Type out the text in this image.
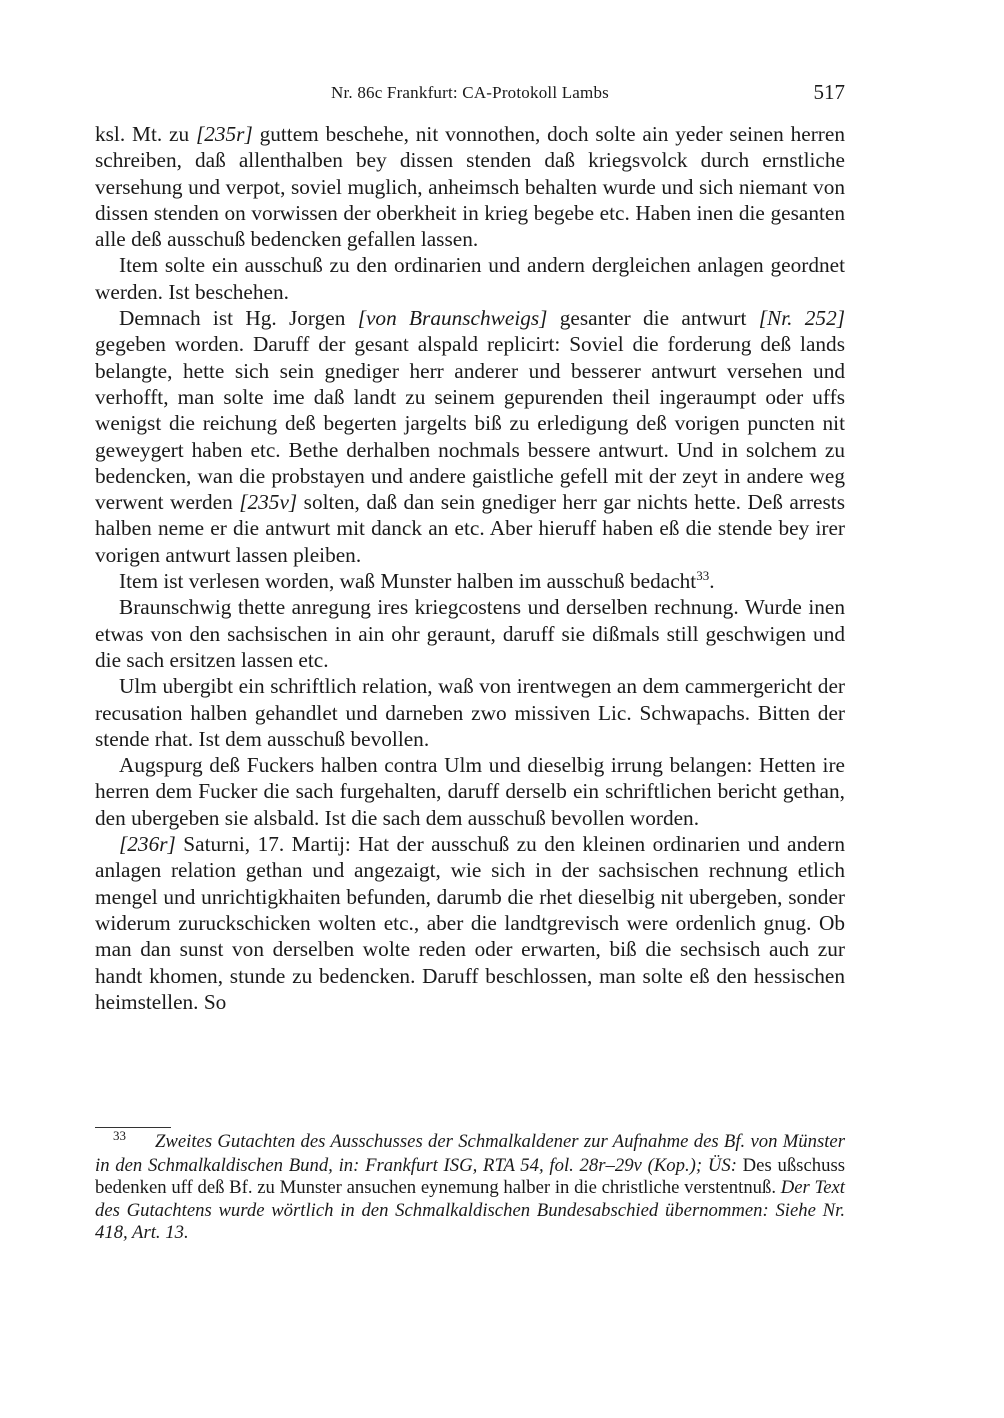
Nr. 86c Frankfurt: CA-Protokoll Lambs	517

ksl. Mt. zu [235r] guttem beschehe, nit vonnothen, doch solte ain yeder seinen herren schreiben, daß allenthalben bey dissen stenden daß kriegsvolck durch ernstliche versehung und verpot, soviel muglich, anheimsch behalten wurde und sich niemant von dissen stenden on vorwissen der oberkheit in krieg begebe etc. Haben inen die gesanten alle deß ausschuß bedencken gefallen lassen.

Item solte ein ausschuß zu den ordinarien und andern dergleichen anlagen geordnet werden. Ist beschehen.

Demnach ist Hg. Jorgen [von Braunschweigs] gesanter die antwurt [Nr. 252] gegeben worden. Daruff der gesant alspald replicirt: Soviel die forderung deß lands belangte, hette sich sein gnediger herr anderer und besserer antwurt versehen und verhofft, man solte ime daß landt zu seinem gepurenden theil ingeraumpt oder uffs wenigst die reichung deß begerten jargelts biß zu erledigung deß vorigen puncten nit geweygert haben etc. Bethe derhalben nochmals bessere antwurt. Und in solchem zu bedencken, wan die probstayen und andere gaistliche gefell mit der zeyt in andere weg verwent werden [235v] solten, daß dan sein gnediger herr gar nichts hette. Deß arrests halben neme er die antwurt mit danck an etc. Aber hieruff haben eß die stende bey irer vorigen antwurt lassen pleiben.

Item ist verlesen worden, waß Munster halben im ausschuß bedacht$^{33}$.

Braunschwig thette anregung ires kriegcostens und derselben rechnung. Wurde inen etwas von den sachsischen in ain ohr geraunt, daruff sie dißmals still geschwigen und die sach ersitzen lassen etc.

Ulm ubergibt ein schriftlich relation, waß von irentwegen an dem cammergericht der recusation halben gehandlet und darneben zwo missiven Lic. Schwapachs. Bitten der stende rhat. Ist dem ausschuß bevollen.

Augspurg deß Fuckers halben contra Ulm und dieselbig irrung belangen: Hetten ire herren dem Fucker die sach furgehalten, daruff derselb ein schriftlichen bericht gethan, den ubergeben sie alsbald. Ist die sach dem ausschuß bevollen worden.

[236r] Saturni, 17. Martij: Hat der ausschuß zu den kleinen ordinarien und andern anlagen relation gethan und angezaigt, wie sich in der sachsischen rechnung etlich mengel und unrichtigkhaiten befunden, darumb die rhet dieselbig nit ubergeben, sonder widerum zuruckschicken wolten etc., aber die landtgrevisch were ordenlich gnug. Ob man dan sunst von derselben wolte reden oder erwarten, biß die sechsisch auch zur handt khomen, stunde zu bedencken. Daruff beschlossen, man solte eß den hessischen heimstellen. So

33 Zweites Gutachten des Ausschusses der Schmalkaldener zur Aufnahme des Bf. von Münster in den Schmalkaldischen Bund, in: Frankfurt ISG, RTA 54, fol. 28r–29v (Kop.); ÜS: Des ußschuss bedenken uff deß Bf. zu Munster ansuchen eynemung halber in die christliche verstentnuß. Der Text des Gutachtens wurde wörtlich in den Schmalkaldischen Bundesabschied übernommen: Siehe Nr. 418, Art. 13.
